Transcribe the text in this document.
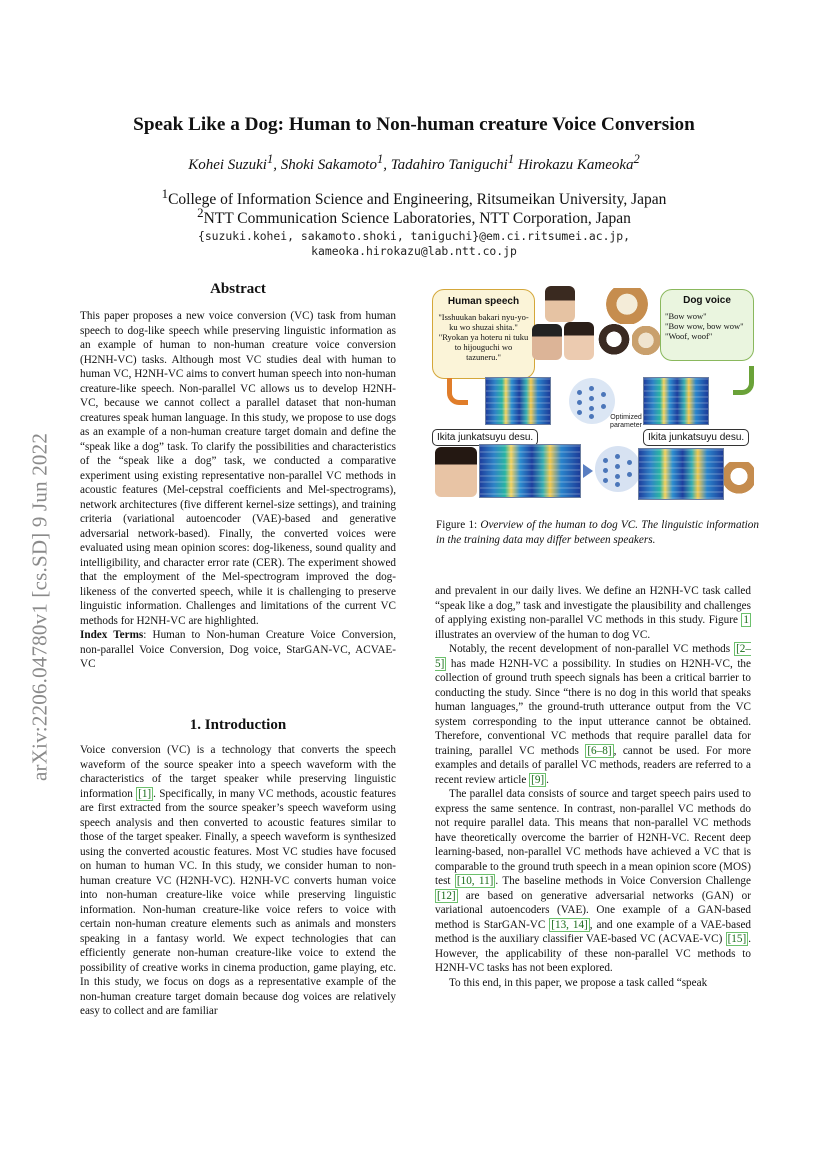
arXiv:2206.04780v1 [cs.SD] 9 Jun 2022
Speak Like a Dog: Human to Non-human creature Voice Conversion
Kohei Suzuki$^1$, Shoki Sakamoto$^1$, Tadahiro Taniguchi$^1$ Hirokazu Kameoka$^2$
$^1$College of Information Science and Engineering, Ritsumeikan University, Japan
$^2$NTT Communication Science Laboratories, NTT Corporation, Japan
{suzuki.kohei, sakamoto.shoki, taniguchi}@em.ci.ritsumei.ac.jp,
kameoka.hirokazu@lab.ntt.co.jp
Abstract

This paper proposes a new voice conversion (VC) task from human speech to dog-like speech while preserving linguistic information as an example of human to non-human creature voice conversion (H2NH-VC) tasks. Although most VC studies deal with human to human VC, H2NH-VC aims to convert human speech into non-human creature-like speech. Non-parallel VC allows us to develop H2NH-VC, because we cannot collect a parallel dataset that non-human creatures speak human language. In this study, we propose to use dogs as an example of a non-human creature target domain and define the “speak like a dog” task. To clarify the possibilities and characteristics of the “speak like a dog” task, we conducted a comparative experiment using existing representative non-parallel VC methods in acoustic features (Mel-cepstral coefficients and Mel-spectrograms), network architectures (five different kernel-size settings), and training criteria (variational autoencoder (VAE)-based and generative adversarial network-based). Finally, the converted voices were evaluated using mean opinion scores: dog-likeness, sound quality and intelligibility, and character error rate (CER). The experiment showed that the employment of the Mel-spectrogram improved the dog-likeness of the converted speech, while it is challenging to preserve linguistic information. Challenges and limitations of the current VC methods for H2NH-VC are highlighted.

Index Terms: Human to Non-human Creature Voice Conversion, non-parallel Voice Conversion, Dog voice, StarGAN-VC, ACVAE-VC

1. Introduction

Voice conversion (VC) is a technology that converts the speech waveform of the source speaker into a speech waveform with the characteristics of the target speaker while preserving linguistic information [1] . Specifically, in many VC methods, acoustic features are first extracted from the source speaker’s speech waveform using speech analysis and then converted to acoustic features similar to those of the target speaker. Finally, a speech waveform is synthesized using the converted acoustic features. Most VC studies have focused on human to human VC. In this study, we consider human to non-human creature VC (H2NH-VC). H2NH-VC converts human voice into non-human creature-like voice while preserving linguistic information. Non-human creature-like voice refers to voice with certain non-human creature elements such as animals and monsters speaking in a fantasy world. We expect technologies that can efficiently generate non-human creature-like voice to extend the possibility of creative works in cinema production, game playing, etc. In this study, we focus on dogs as a representative example of the non-human creature target domain because dog voices are relatively easy to collect and are familiar

Human speech
"Isshuukan bakari nyu-yo-ku wo shuzai shita." "Ryokan ya hoteru ni tuku to hijouguchi wo tazuneru."
Dog voice
"Bow wow"
"Bow wow, bow wow"
"Woof, woof"
Optimized parameter
Ikita junkatsuyu desu.	Ikita junkatsuyu desu.
Figure 1: Overview of the human to dog VC. The linguistic information in the training data may differ between speakers.

and prevalent in our daily lives. We define an H2NH-VC task called “speak like a dog,” task and investigate the plausibility and challenges of applying existing non-parallel VC methods in this study. Figure 1 illustrates an overview of the human to dog VC.

Notably, the recent development of non-parallel VC methods [2–5] has made H2NH-VC a possibility. In studies on H2NH-VC, the collection of ground truth speech signals has been a critical barrier to conducting the study. Since “there is no dog in this world that speaks human languages,” the ground-truth utterance output from the VC system corresponding to the input utterance cannot be obtained. Therefore, conventional VC methods that require parallel data for training, parallel VC methods [6–8] , cannot be used. For more examples and details of parallel VC methods, readers are referred to a recent review article [9] .

The parallel data consists of source and target speech pairs used to express the same sentence. In contrast, non-parallel VC methods do not require parallel data. This means that non-parallel VC methods have theoretically overcome the barrier of H2NH-VC. Recent deep learning-based, non-parallel VC methods have achieved a VC that is comparable to the ground truth speech in a mean opinion score (MOS) test [10, 11] . The baseline methods in Voice Conversion Challenge [12] are based on generative adversarial networks (GAN) or variational autoencoders (VAE). One example of a GAN-based method is StarGAN-VC [13, 14] , and one example of a VAE-based method is the auxiliary classifier VAE-based VC (ACVAE-VC) [15] . However, the applicability of these non-parallel VC methods to H2NH-VC tasks has not been explored.

To this end, in this paper, we propose a task called “speak
